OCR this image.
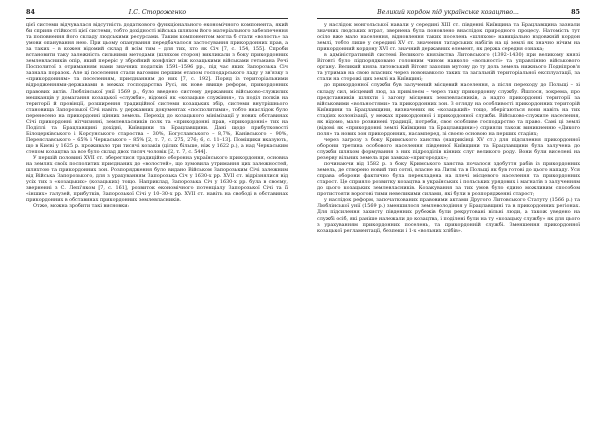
84	І.С. Стороженко

цієї системи відчувалася відсутність додаткового функціонального економічного компонента, який би сприяв стійкості цієї системи, тобто дохідності війська шляхом його матеріального забезпечення та поповнення його складу людськими ресурсами. Таким компонентом могла б стати «волость» за умови опанування нею. При цьому опанування передбачалося застосування прикордонних прав, а за таких – в кожен відомий склад й всім тим – для тих, хто як Січ [7, с. 154, 155]. Спроби встановити таку залежність сильними методами (шляхом сторон) викликали з боку прикордонних землевласників опір, який переріс у збройний конфлікт між козацькими військами гетьмана Речі Посполитої з отриманням нами значних податків 1591–1596 рр., під час яких Запорозька Січ зазнала поразок. Але ці поселення стали вагомим першим етапом господарського ладу у зв'язку з «прикордонням» та поселенням, приєднанням до них [7, с. 192]. Поряд із територіальними відродженнями-державами в межах господарства Русі, як нове явище реформ, прикордонних правових актів. Люблінської унії 1569 р., було введено систему державних військово-служилих мешканців у домагання козацької «служби», відомої як «козацьке служіння», та поділ полків на території й провінції, розширення традиційної системи козацьких збір, системи внутрішнього становища Запорозької Січі навіть у державних документах «посполитими», тобто внаслідок було перенесено на прикордонні цінних земель. Перехід до козацького мінімізації у нових обставинах Січі прикордонні вітчизняні, землевласників полк та «прикордонні прав, «прикордонні» тих на Поділлі та Брацлавщині дохідні, Київщини та Брацлавщини. Дані щодо прибутковості Білоцерківського і Корсунського староства – 30%, Богуславського – 8,7%, Канівського – 90%, Переяславського – 65% і Черкаського – 85% [2, т. 7, с. 275, 276; 6, с. 11–13]. Поміщики вказують, що в Києві у 1625 р. проживало три тисячі козаків (цілих більше, ніж у 1622 р.), а над Черкаським степом козацтва за все було склад двох тисяч чоловік [2, т. 7, с. 544].

У першій половині XVII ст. збереглися традиційно оборонна українського прикордоння, основна на землях своїх посполитих приєднаних до «волостей», що зумовила утримання цих залежностей, шляхтою та прикордонних зон. Розпорядження було видано Військом Запорозьким Січі залежним від Війська Запорозького, для з урахуванням Запорозька Січ у 1630-х рр. XVII ст. відрізнялися від усіх тих з «козацьких» (козацьких) тощо. Наприклад, Запорозька Січ у 1630-х рр. була в своєму, зверненні з С. Лепі'яком [7, с. 161], розвиток економічного потенціалу Запорозької Січі та її «інших» галузей, прибутків, Запорозької Січі у 10–30-х рр. XVII ст. навіть на свободі в обставинах прикордонних в обставинах прикордонних землевласників.

Отже, можна зробити такі висновки:

Великий кордон під українське козацтво...	85

у наслідок монгольської навали у середині XIII ст. південні Київщина та Брацлавщина зазнали значних людських втрат, звернена була поновлено внаслідок природного процесу. Натомість тут осіло вже мало населення, відновлення таких поселень «шляхом» навиціально вздовжній кордон землі, тобто лише у середині XV ст. значення татарських набігів на ці землі як значно нічим на прикордонний кордону XVI ст. значний державних елемент, як держа середня ознака;

в адміністративній системі Великого князівства Литовського (1392–1430) при великому князі Вітовті було підпорядковано головним чином навколо «вольності» та управлінню військового органу. Великий князь литовський Вітовт захопив мутову до ту доль земель нижнього Подніпров'я та утримав на свою власних через новонавколо таких та загальній територіальної експлуатації, за стали на сторожі цих землі на Київщині;

до прикордонної служби був залучений місцевий населення, а після переходу до Польщі – зі складу сил, місцевий люд, за привілеєм – через таку прикордонну службу. Йшлося, зокрема, про представників шляхти і загону місцевих землевласників, а надто прикордонні території за військовими «вольностями» та прикордонних зон. З огляду на особливості прикордонних територій Київщини та Брацлавщини, визначених як «козацький» тощо, зберігаються вони навіть на тих стадіях колонізації, у межах прикордонної і прикордонної служби. Військово-служиле населення, як відомо, мало розвинені традиції, потреби, своє особливе господарство та право. Самі ці землі (відомі як «прикордонні землі Київщини та Брацлавщини») сприяли також виникненню «Дикого поля» та нових зон прикордонних, насамперед, зі своєю основою на перших стадіях;

через загрозу з боку Кримського ханства (наприкінці XV ст.) для підсилення прикордонної оборони третина особового населення південної Київщини та Брацлавщини була залучена до служби шляхом формування з них підрозділів кінних слуг великого роду. Вони були виселені на резерву вільних земель при замках-«пригородах»;

починаючи від 1582 р. з боку Кримського ханства почалося здобуття рабів із прикордонних земель, де створено новий тип сотні, власне на Литві та в Польщі як був готові до цього нападу. Уся справа оборони фактично була перекладена на плечі місцевого населення та прикордонних старост. Це сприяло розвитку козацтва в українських і польських урядових і магнатів з залученням до цього козацьких землевласників. Козакування за тих умов було єдино можливим способом протистояти ворогові тими невеликими силами, які були в розпорядженні старост;

у наслідок реформ, започаткованих правовими актами Другого Литовського Статуту (1566 р.) та Люблінської унії (1569 р.) зменшилося землеволодіння у Брацлавщині та в прикордонних регіонах. Для підсилення захисту південних рубежів були рекрутовані вільні люди, а також уведено на службі осіб, які раніше належали до козацтва, і поділені були на ту «козацьку службу» як для цього з урахуванням прикордонних поселень, та прикордонній службі. Зменшення прикордонної козацької регламентації, безпеки і 1-х «вольних хлібів».
